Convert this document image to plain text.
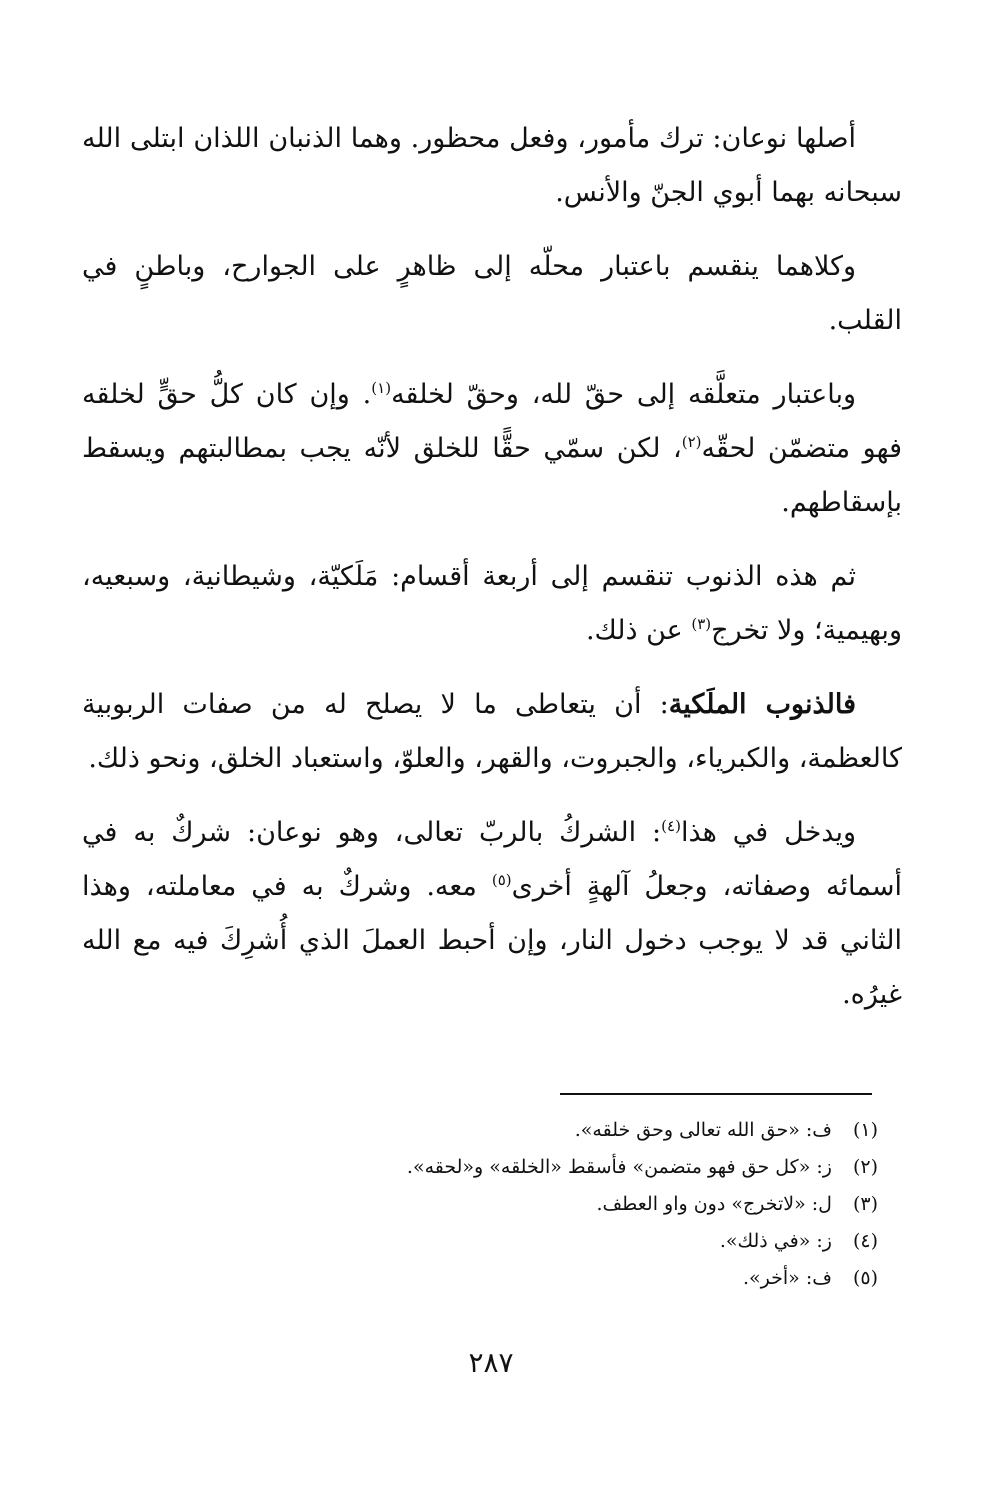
أصلها نوعان: ترك مأمور، وفعل محظور. وهما الذنبان اللذان ابتلى الله سبحانه بهما أبوي الجنّ والأنس.

وكلاهما ينقسم باعتبار محلّه إلى ظاهرٍ على الجوارح، وباطنٍ في القلب.

وباعتبار متعلَّقه إلى حقّ لله، وحقّ لخلقه$^{(١)}$. وإن كان كلُّ حقٍّ لخلقه فهو متضمّن لحقّه$^{(٢)}$، لكن سمّي حقًّا للخلق لأنّه يجب بمطالبتهم ويسقط بإسقاطهم.

ثم هذه الذنوب تنقسم إلى أربعة أقسام: مَلَكيّة، وشيطانية، وسبعيه، وبهيمية؛ ولا تخرج$^{(٣)}$ عن ذلك.

فالذنوب الملَكية: أن يتعاطى ما لا يصلح له من صفات الربوبية كالعظمة، والكبرياء، والجبروت، والقهر، والعلوّ، واستعباد الخلق، ونحو ذلك.

ويدخل في هذا$^{(٤)}$: الشركُ بالربّ تعالى، وهو نوعان: شركٌ به في أسمائه وصفاته، وجعلُ آلهةٍ أخرى$^{(٥)}$ معه. وشركٌ به في معاملته، وهذا الثاني قد لا يوجب دخول النار، وإن أحبط العملَ الذي أُشرِكَ فيه مع الله غيرُه.

(١) ف: «حق الله تعالى وحق خلقه».

(٢) ز: «كل حق فهو متضمن» فأسقط «الخلقه» و«لحقه».

(٣) ل: «لاتخرج» دون واو العطف.

(٤) ز: «في ذلك».

(٥) ف: «أخر».

٢٨٧
